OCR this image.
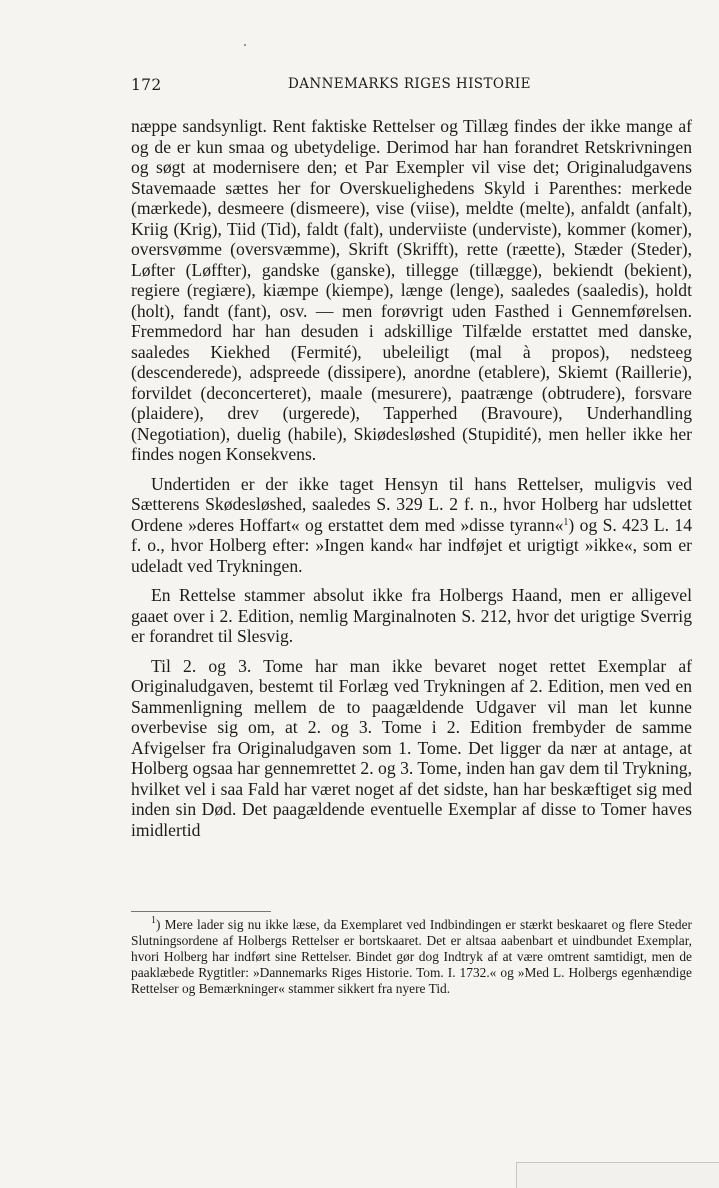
172	DANNEMARKS RIGES HISTORIE

næppe sandsynligt. Rent faktiske Rettelser og Tillæg findes der ikke mange af og de er kun smaa og ubetydelige. Derimod har han forandret Retskrivningen og søgt at modernisere den; et Par Exempler vil vise det; Originaludgavens Stavemaade sættes her for Overskuelighedens Skyld i Parenthes: merkede (mærkede), desmeere (dismeere), vise (viise), meldte (melte), anfaldt (anfalt), Kriig (Krig), Tiid (Tid), faldt (falt), underviiste (underviste), kommer (komer), oversvømme (oversvæmme), Skrift (Skrifft), rette (ræette), Stæder (Steder), Løfter (Løffter), gandske (ganske), tillegge (tillægge), bekiendt (bekient), regiere (regiære), kiæmpe (kiempe), længe (lenge), saaledes (saaledis), holdt (holt), fandt (fant), osv. — men forøvrigt uden Fasthed i Gennemførelsen. Fremmedord har han desuden i adskillige Tilfælde erstattet med danske, saaledes Kiekhed (Fermité), ubeleiligt (mal à propos), nedsteeg (descenderede), adspreede (dissipere), anordne (etablere), Skiemt (Raillerie), forvildet (deconcerteret), maale (mesurere), paatrænge (obtrudere), forsvare (plaidere), drev (urgerede), Tapperhed (Bravoure), Underhandling (Negotiation), duelig (habile), Skiødesløshed (Stupidité), men heller ikke her findes nogen Konsekvens.

Undertiden er der ikke taget Hensyn til hans Rettelser, muligvis ved Sætterens Skødesløshed, saaledes S. 329 L. 2 f. n., hvor Holberg har udslettet Ordene »deres Hoffart« og erstattet dem med »disse tyrann«$^1$) og S. 423 L. 14 f. o., hvor Holberg efter: »Ingen kand« har indføjet et urigtigt »ikke«, som er udeladt ved Trykningen.

En Rettelse stammer absolut ikke fra Holbergs Haand, men er alligevel gaaet over i 2. Edition, nemlig Marginalnoten S. 212, hvor det urigtige Sverrig er forandret til Slesvig.

Til 2. og 3. Tome har man ikke bevaret noget rettet Exemplar af Originaludgaven, bestemt til Forlæg ved Trykningen af 2. Edition, men ved en Sammenligning mellem de to paagældende Udgaver vil man let kunne overbevise sig om, at 2. og 3. Tome i 2. Edition frembyder de samme Afvigelser fra Originaludgaven som 1. Tome. Det ligger da nær at antage, at Holberg ogsaa har gennemrettet 2. og 3. Tome, inden han gav dem til Trykning, hvilket vel i saa Fald har været noget af det sidste, han har beskæftiget sig med inden sin Død. Det paagældende eventuelle Exemplar af disse to Tomer haves imidlertid

$^1$) Mere lader sig nu ikke læse, da Exemplaret ved Indbindingen er stærkt beskaaret og flere Steder Slutningsordene af Holbergs Rettelser er bortskaaret. Det er altsaa aabenbart et uindbundet Exemplar, hvori Holberg har indført sine Rettelser. Bindet gør dog Indtryk af at være omtrent samtidigt, men de paaklæbede Rygtitler: »Dannemarks Riges Historie. Tom. I. 1732.« og »Med L. Holbergs egenhændige Rettelser og Bemærkninger« stammer sikkert fra nyere Tid.
